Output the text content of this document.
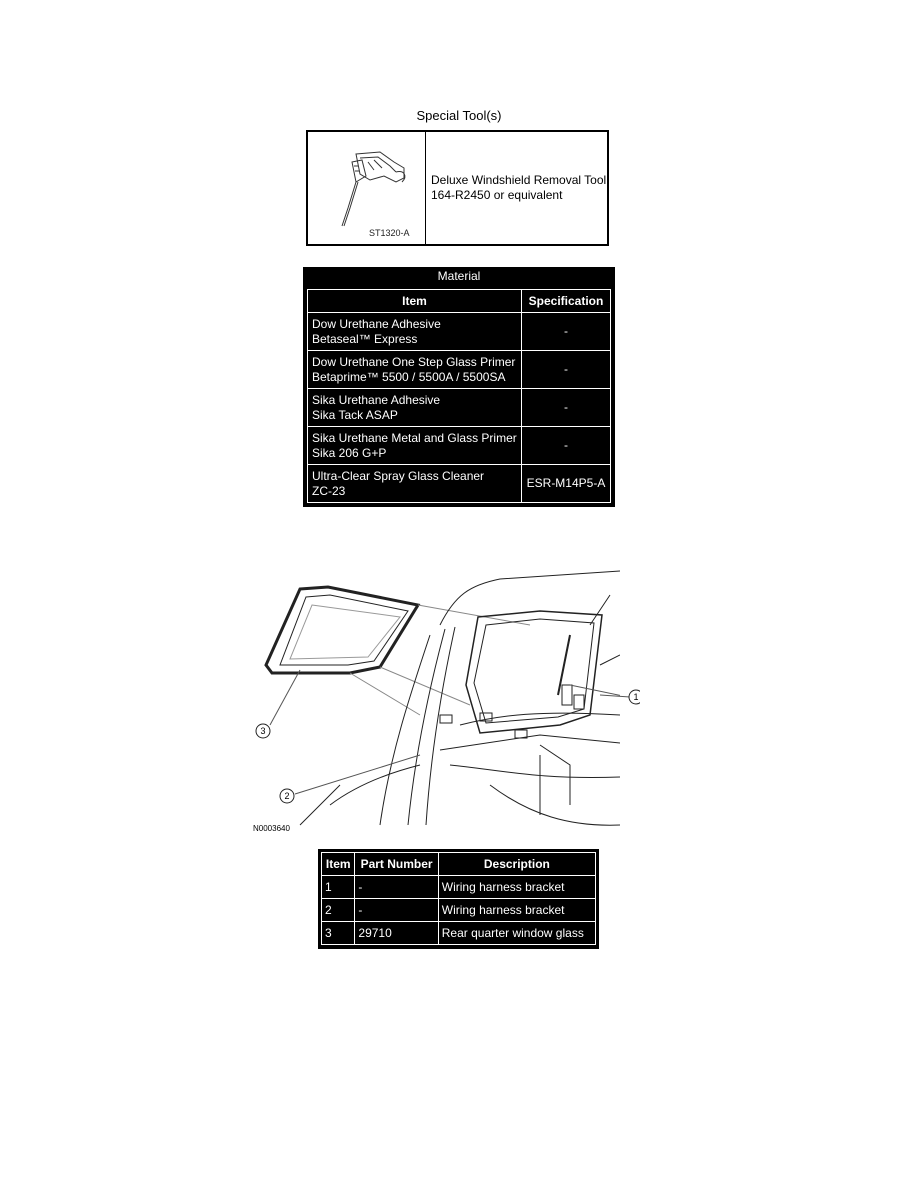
Special Tool(s)
ST1320-A
Deluxe Windshield Removal Tool
164-R2450 or equivalent
Material
Item	Specification

Dow Urethane Adhesive
Betaseal™ Express	-

Dow Urethane One Step Glass Primer
Betaprime™ 5500 / 5500A / 5500SA	-

Sika Urethane Adhesive
Sika Tack ASAP	-

Sika Urethane Metal and Glass Primer
Sika 206 G+P	-

Ultra-Clear Spray Glass Cleaner
ZC-23	ESR-M14P5-A
3
2
1
N0003640
Item	Part Number	Description
1	-	Wiring harness bracket
2	-	Wiring harness bracket
3	29710	Rear quarter window glass
